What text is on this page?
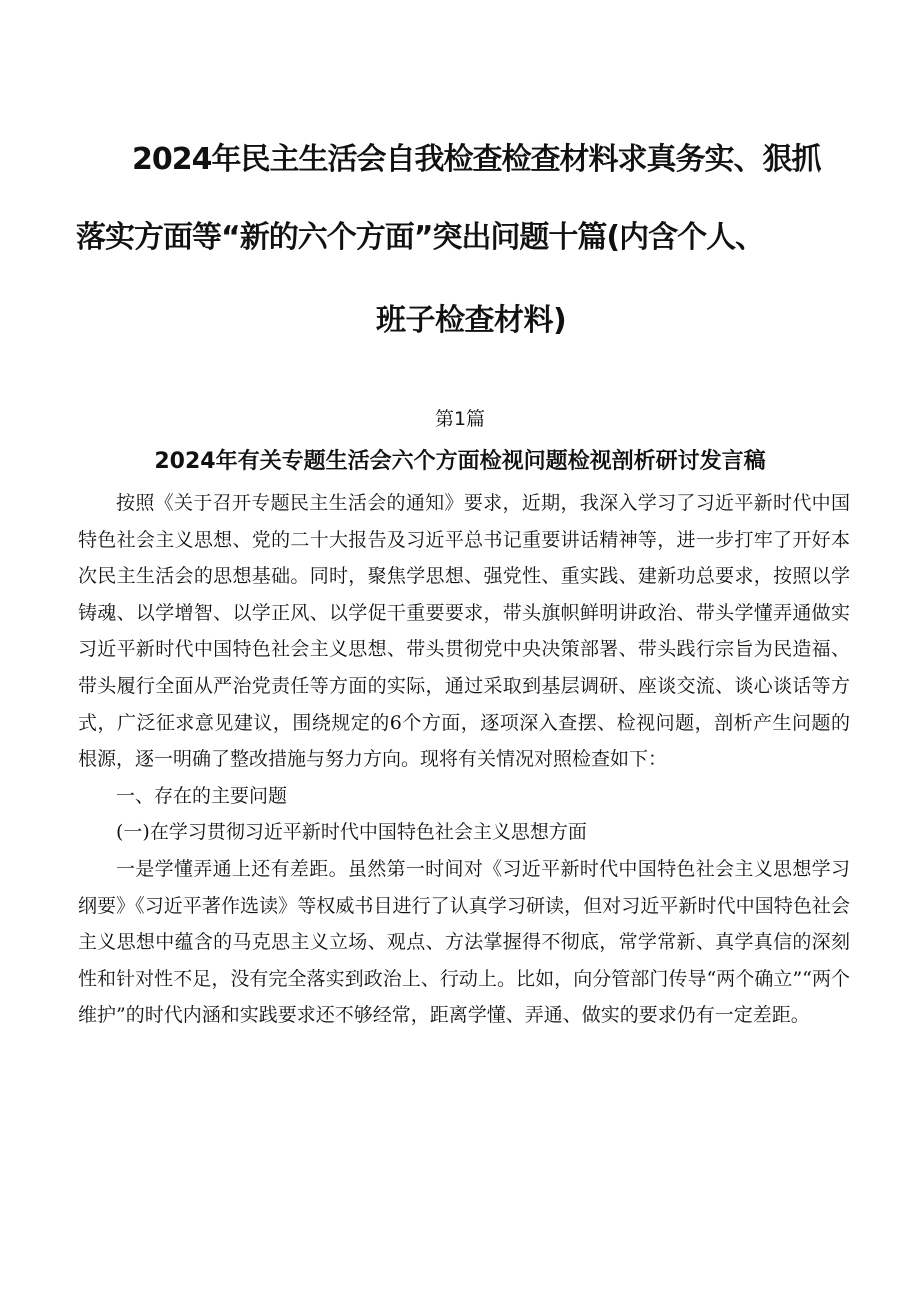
2024年民主生活会自我检查检查材料求真务实、狠抓
落实方面等“新的六个方面”突出问题十篇(内含个人、
班子检查材料)
第1篇
2024年有关专题生活会六个方面检视问题检视剖析研讨发言稿

按照《关于召开专题民主生活会的通知》要求，近期，我深入学习了习近平新时代中国特色社会主义思想、党的二十大报告及习近平总书记重要讲话精神等，进一步打牢了开好本次民主生活会的思想基础。同时，聚焦学思想、强党性、重实践、建新功总要求，按照以学铸魂、以学增智、以学正风、以学促干重要要求，带头旗帜鲜明讲政治、带头学懂弄通做实习近平新时代中国特色社会主义思想、带头贯彻党中央决策部署、带头践行宗旨为民造福、带头履行全面从严治党责任等方面的实际，通过采取到基层调研、座谈交流、谈心谈话等方式，广泛征求意见建议，围绕规定的6个方面，逐项深入查摆、检视问题，剖析产生问题的根源，逐一明确了整改措施与努力方向。现将有关情况对照检查如下：

一、存在的主要问题

(一)在学习贯彻习近平新时代中国特色社会主义思想方面

一是学懂弄通上还有差距。虽然第一时间对《习近平新时代中国特色社会主义思想学习纲要》《习近平著作选读》等权威书目进行了认真学习研读，但对习近平新时代中国特色社会主义思想中蕴含的马克思主义立场、观点、方法掌握得不彻底，常学常新、真学真信的深刻性和针对性不足，没有完全落实到政治上、行动上。比如，向分管部门传导“两个确立”“两个维护”的时代内涵和实践要求还不够经常，距离学懂、弄通、做实的要求仍有一定差距。
